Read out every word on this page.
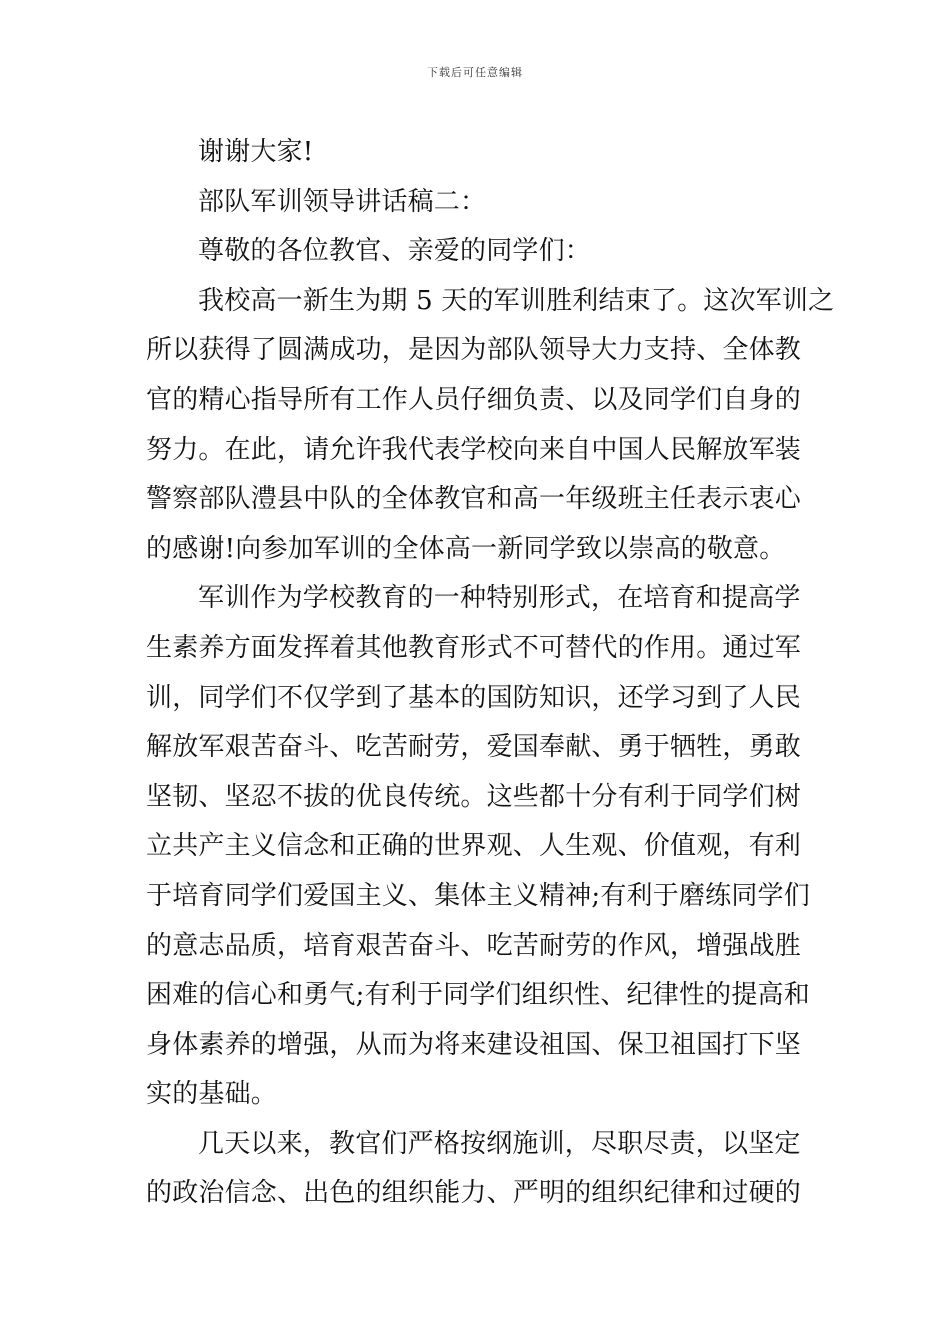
下载后可任意编辑
谢谢大家!
部队军训领导讲话稿二：
尊敬的各位教官、亲爱的同学们：
我校高一新生为期 5 天的军训胜利结束了。这次军训之
所以获得了圆满成功，是因为部队领导大力支持、全体教
官的精心指导所有工作人员仔细负责、以及同学们自身的
努力。在此，请允许我代表学校向来自中国人民解放军装
警察部队澧县中队的全体教官和高一年级班主任表示衷心
的感谢!向参加军训的全体高一新同学致以崇高的敬意。
军训作为学校教育的一种特别形式，在培育和提高学
生素养方面发挥着其他教育形式不可替代的作用。通过军
训，同学们不仅学到了基本的国防知识，还学习到了人民
解放军艰苦奋斗、吃苦耐劳，爱国奉献、勇于牺牲，勇敢
坚韧、坚忍不拔的优良传统。这些都十分有利于同学们树
立共产主义信念和正确的世界观、人生观、价值观，有利
于培育同学们爱国主义、集体主义精神;有利于磨练同学们
的意志品质，培育艰苦奋斗、吃苦耐劳的作风，增强战胜
困难的信心和勇气;有利于同学们组织性、纪律性的提高和
身体素养的增强，从而为将来建设祖国、保卫祖国打下坚
实的基础。
几天以来，教官们严格按纲施训，尽职尽责，以坚定
的政治信念、出色的组织能力、严明的组织纪律和过硬的
